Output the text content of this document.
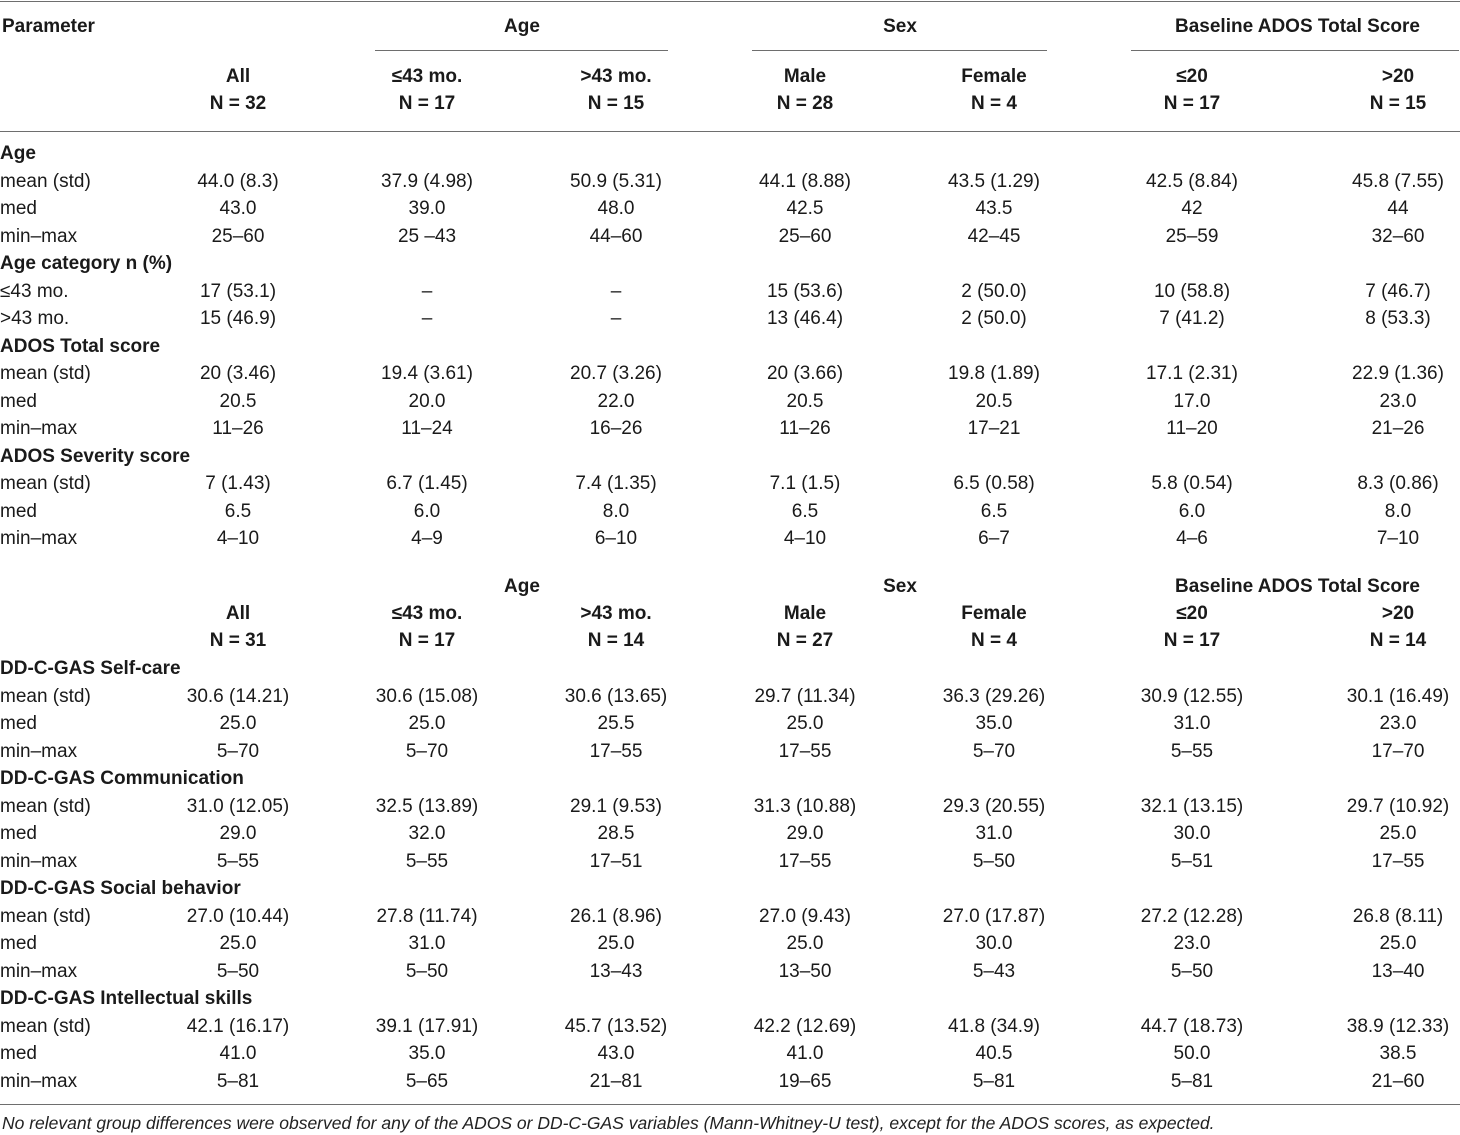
Parameter
No relevant group differences were observed for any of the ADOS or DD-C-GAS variables (Mann-Whitney-U test), except for the ADOS scores, as expected.
Age	Sex	Baseline ADOS Total Score
All	≤43 mo.	>43 mo.	Male	Female	≤20	>20
N = 32	N = 17	N = 15	N = 28	N = 4	N = 17	N = 15
Age
mean (std)	44.0 (8.3)	37.9 (4.98)	50.9 (5.31)	44.1 (8.88)	43.5 (1.29)	42.5 (8.84)	45.8 (7.55)
med	43.0	39.0	48.0	42.5	43.5	42	44
min–max	25–60	25 –43	44–60	25–60	42–45	25–59	32–60
Age category n (%)
≤43 mo.	17 (53.1)	–	–	15 (53.6)	2 (50.0)	10 (58.8)	7 (46.7)
>43 mo.	15 (46.9)	–	–	13 (46.4)	2 (50.0)	7 (41.2)	8 (53.3)
ADOS Total score
mean (std)	20 (3.46)	19.4 (3.61)	20.7 (3.26)	20 (3.66)	19.8 (1.89)	17.1 (2.31)	22.9 (1.36)
med	20.5	20.0	22.0	20.5	20.5	17.0	23.0
min–max	11–26	11–24	16–26	11–26	17–21	11–20	21–26
ADOS Severity score
mean (std)	7 (1.43)	6.7 (1.45)	7.4 (1.35)	7.1 (1.5)	6.5 (0.58)	5.8 (0.54)	8.3 (0.86)
med	6.5	6.0	8.0	6.5	6.5	6.0	8.0
min–max	4–10	4–9	6–10	4–10	6–7	4–6	7–10
Age	Sex	Baseline ADOS Total Score
All	≤43 mo.	>43 mo.	Male	Female	≤20	>20
N = 31	N = 17	N = 14	N = 27	N = 4	N = 17	N = 14
DD-C-GAS Self-care
mean (std)	30.6 (14.21)	30.6 (15.08)	30.6 (13.65)	29.7 (11.34)	36.3 (29.26)	30.9 (12.55)	30.1 (16.49)
med	25.0	25.0	25.5	25.0	35.0	31.0	23.0
min–max	5–70	5–70	17–55	17–55	5–70	5–55	17–70
DD-C-GAS Communication
mean (std)	31.0 (12.05)	32.5 (13.89)	29.1 (9.53)	31.3 (10.88)	29.3 (20.55)	32.1 (13.15)	29.7 (10.92)
med	29.0	32.0	28.5	29.0	31.0	30.0	25.0
min–max	5–55	5–55	17–51	17–55	5–50	5–51	17–55
DD-C-GAS Social behavior
mean (std)	27.0 (10.44)	27.8 (11.74)	26.1 (8.96)	27.0 (9.43)	27.0 (17.87)	27.2 (12.28)	26.8 (8.11)
med	25.0	31.0	25.0	25.0	30.0	23.0	25.0
min–max	5–50	5–50	13–43	13–50	5–43	5–50	13–40
DD-C-GAS Intellectual skills
mean (std)	42.1 (16.17)	39.1 (17.91)	45.7 (13.52)	42.2 (12.69)	41.8 (34.9)	44.7 (18.73)	38.9 (12.33)
med	41.0	35.0	43.0	41.0	40.5	50.0	38.5
min–max	5–81	5–65	21–81	19–65	5–81	5–81	21–60
